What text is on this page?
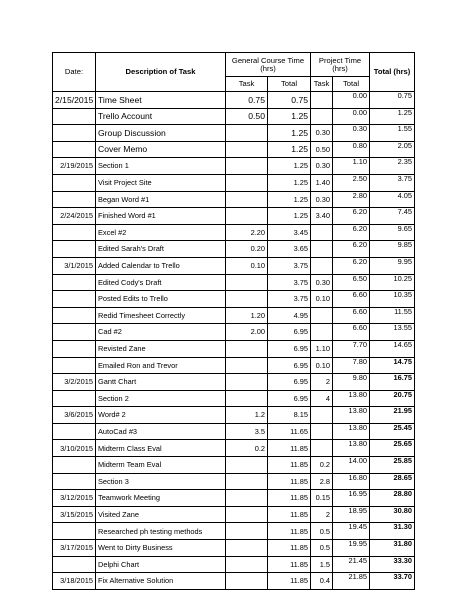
Date:	Description of Task	General Course Time (hrs)		Project Time (hrs)		Total (hrs)
		Task	Total	Task	Total	
2/15/2015	Time Sheet	0.75	0.75		0.00	0.75
	Trello Account	0.50	1.25		0.00	1.25
	Group Discussion		1.25	0.30	0.30	1.55
	Cover Memo		1.25	0.50	0.80	2.05
2/19/2015	Section 1		1.25	0.30	1.10	2.35
	Visit Project Site		1.25	1.40	2.50	3.75
	Began Word #1		1.25	0.30	2.80	4.05
2/24/2015	Finished Word #1		1.25	3.40	6.20	7.45
	Excel #2	2.20	3.45		6.20	9.65
	Edited Sarah's Draft	0.20	3.65		6.20	9.85
3/1/2015	Added Calendar to Trello	0.10	3.75		6.20	9.95
	Edited Cody's Draft		3.75	0.30	6.50	10.25
	Posted Edits to Trello		3.75	0.10	6.60	10.35
	Redid Timesheet Correctly	1.20	4.95		6.60	11.55
	Cad #2	2.00	6.95		6.60	13.55
	Revisted Zane		6.95	1.10	7.70	14.65
	Emailed Ron and Trevor		6.95	0.10	7.80	14.75
3/2/2015	Gantt Chart		6.95	2	9.80	16.75
	Section 2		6.95	4	13.80	20.75
3/6/2015	Word# 2	1.2	8.15		13.80	21.95
	AutoCad #3	3.5	11.65		13.80	25.45
3/10/2015	Midterm Class Eval	0.2	11.85		13.80	25.65
	Midterm Team Eval		11.85	0.2	14.00	25.85
	Section 3		11.85	2.8	16.80	28.65
3/12/2015	Teamwork Meeting		11.85	0.15	16.95	28.80
3/15/2015	Visited Zane		11.85	2	18.95	30.80
	Researched ph testing methods		11.85	0.5	19.45	31.30
3/17/2015	Went to Dirty Business		11.85	0.5	19.95	31.80
	Delphi Chart		11.85	1.5	21.45	33.30
3/18/2015	Fix Alternative Solution		11.85	0.4	21.85	33.70
